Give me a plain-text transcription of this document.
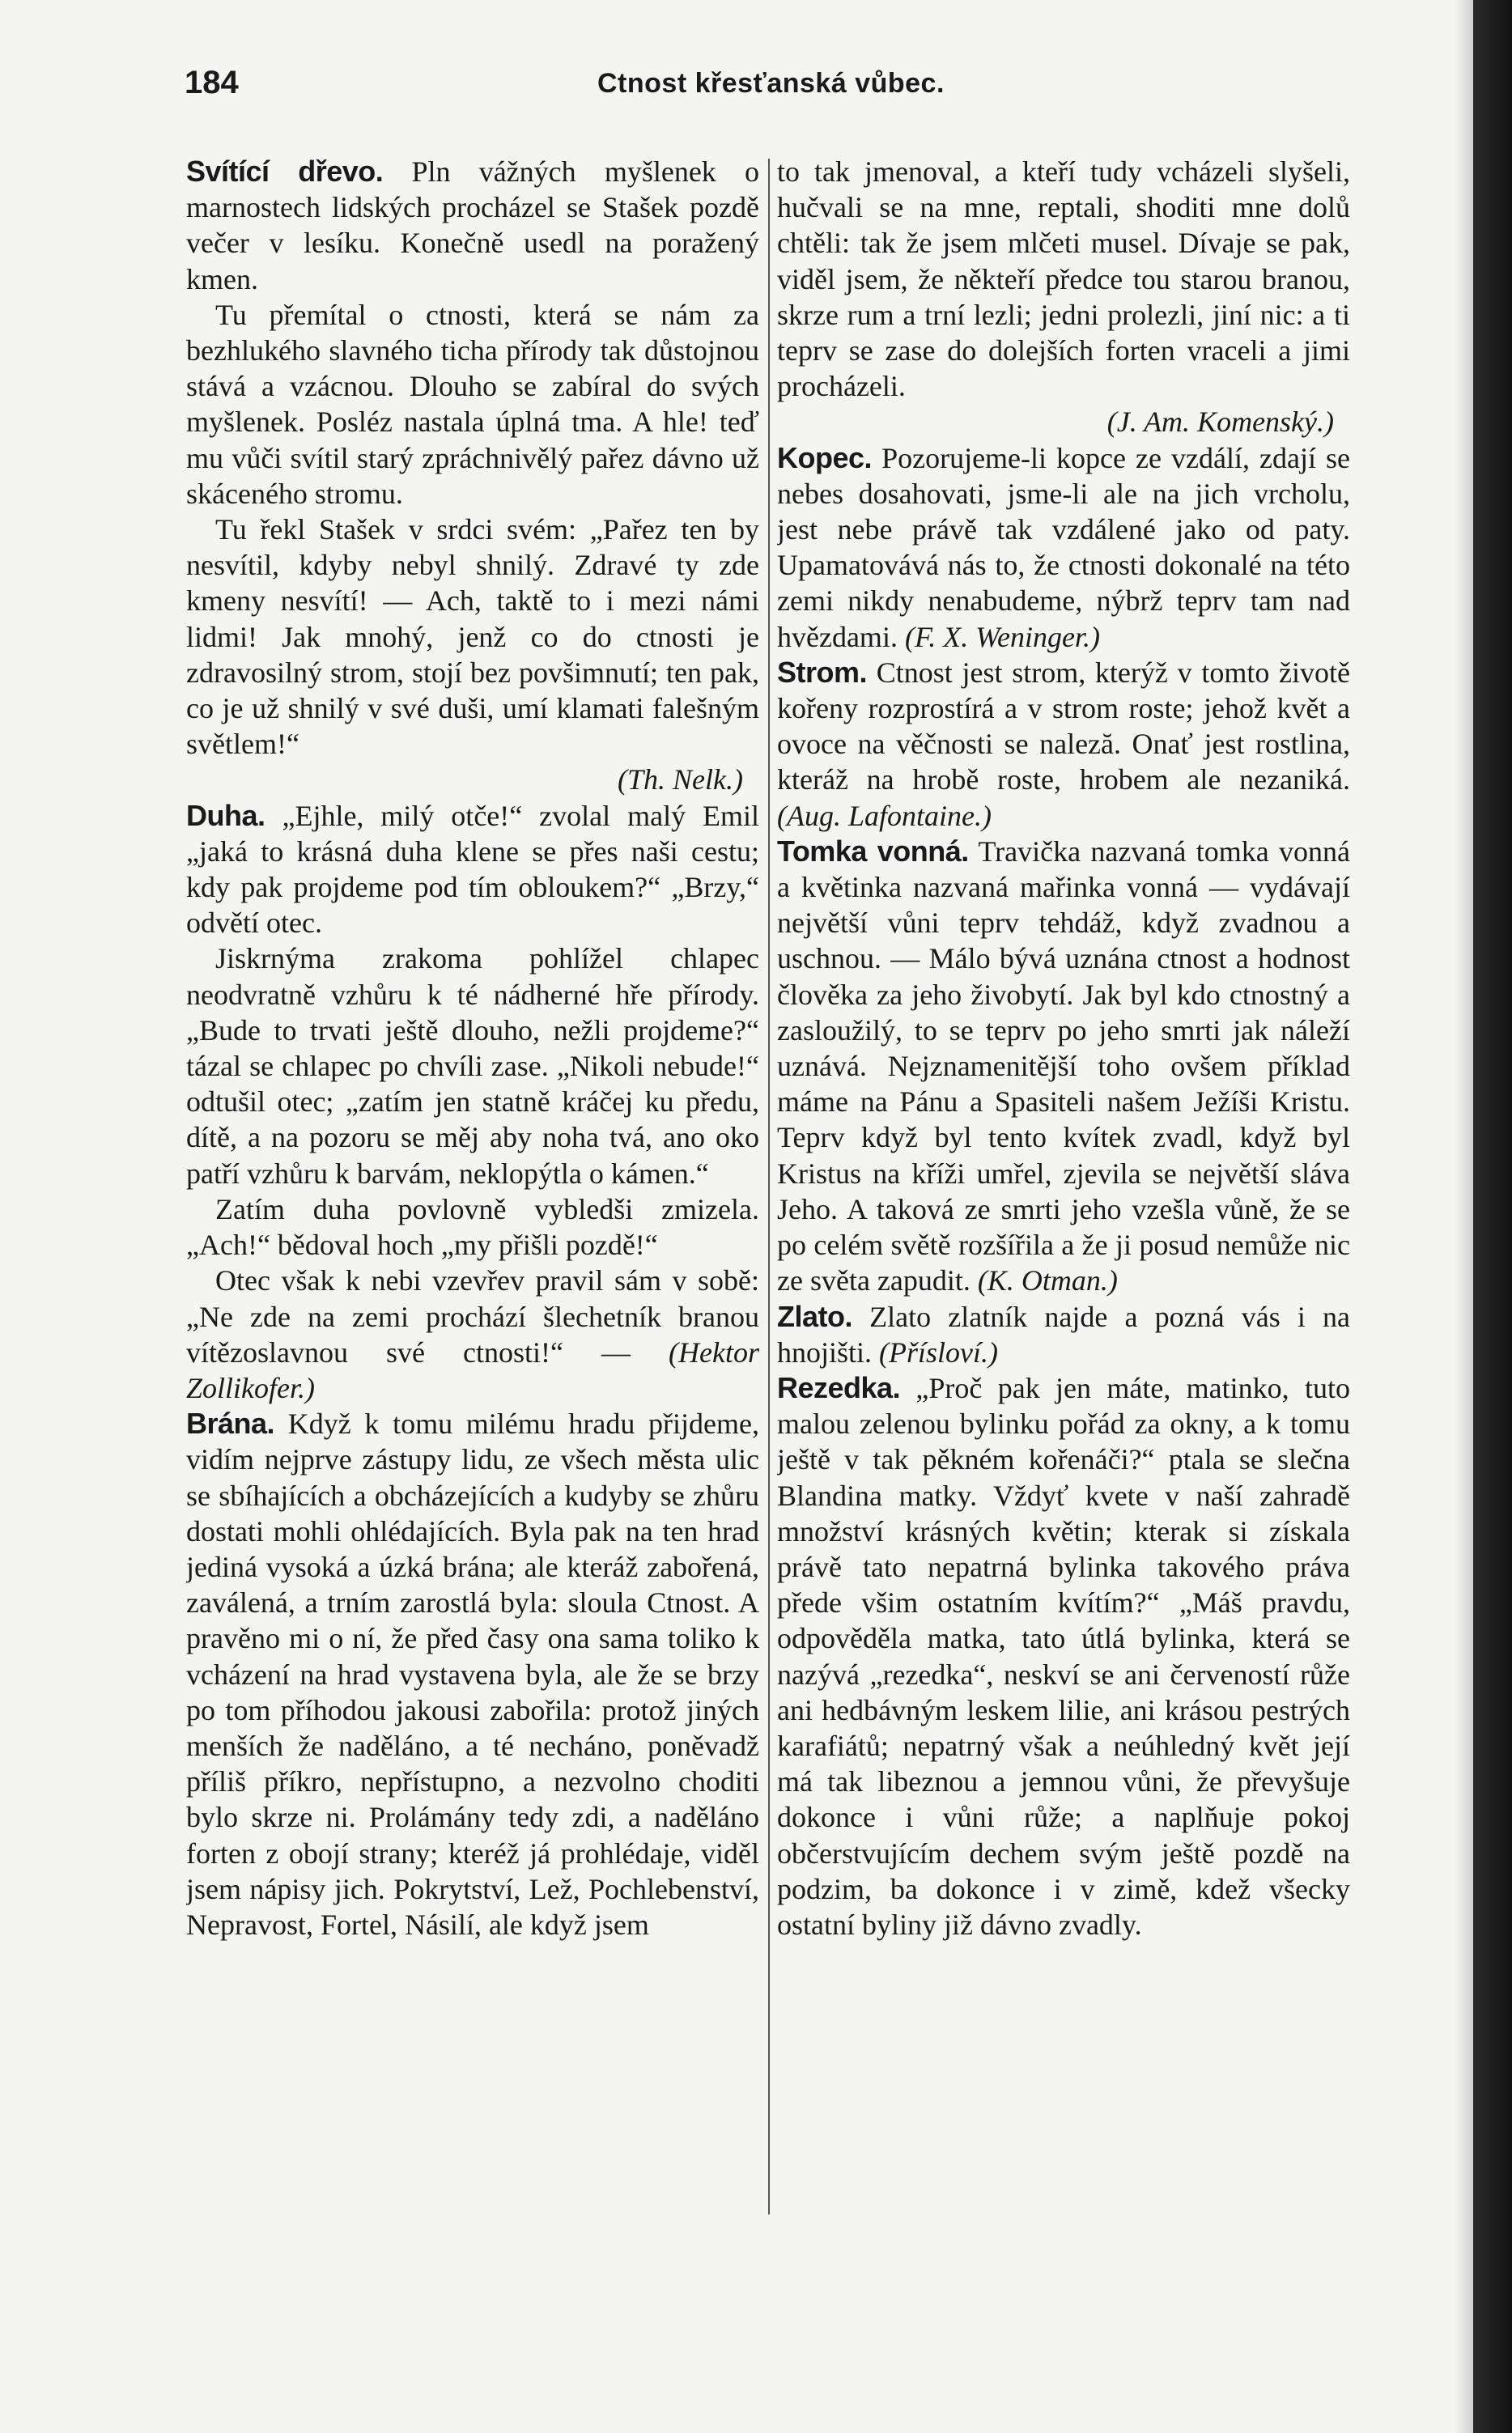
184	Ctnost křesťanská vůbec.

Svítící dřevo. Pln vážných myšlenek o marnostech lidských procházel se Stašek pozdě večer v lesíku. Konečně usedl na poražený kmen.

Tu přemítal o ctnosti, která se nám za bezhlukého slavného ticha přírody tak důstojnou stává a vzácnou. Dlouho se zabíral do svých myšlenek. Posléz nastala úplná tma. A hle! teď mu vůči svítil starý zpráchnivělý pařez dávno už skáceného stromu.

Tu řekl Stašek v srdci svém: „Pařez ten by nesvítil, kdyby nebyl shnilý. Zdravé ty zde kmeny nesvítí! — Ach, taktě to i mezi námi lidmi! Jak mnohý, jenž co do ctnosti je zdravosilný strom, stojí bez povšimnutí; ten pak, co je už shnilý v své duši, umí klamati falešným světlem!“

(Th. Nelk.)

Duha. „Ejhle, milý otče!“ zvolal malý Emil „jaká to krásná duha klene se přes naši cestu; kdy pak projdeme pod tím obloukem?“ „Brzy,“ odvětí otec.

Jiskrnýma zrakoma pohlížel chlapec neodvratně vzhůru k té nádherné hře přírody. „Bude to trvati ještě dlouho, nežli projdeme?“ tázal se chlapec po chvíli zase. „Nikoli nebude!“ odtušil otec; „zatím jen statně kráčej ku předu, dítě, a na pozoru se měj aby noha tvá, ano oko patří vzhůru k barvám, neklopýtla o kámen.“

Zatím duha povlovně vybledši zmizela. „Ach!“ bědoval hoch „my přišli pozdě!“

Otec však k nebi vzevřev pravil sám v sobě: „Ne zde na zemi prochází šlechetník branou vítězoslavnou své ctnosti!“ — (Hektor Zollikofer.)

Brána. Když k tomu milému hradu přijdeme, vidím nejprve zástupy lidu, ze všech města ulic se sbíhajících a obcházejících a kudyby se zhůru dostati mohli ohlédajících. Byla pak na ten hrad jediná vysoká a úzká brána; ale kteráž zabořená, zaválená, a trním zarostlá byla: sloula Ctnost. A pravěno mi o ní, že před časy ona sama toliko k vcházení na hrad vystavena byla, ale že se brzy po tom příhodou jakousi zabořila: protož jiných menších že naděláno, a té necháno, poněvadž příliš příkro, nepřístupno, a nezvolno choditi bylo skrze ni. Prolámány tedy zdi, a naděláno forten z obojí strany; kteréž já prohlédaje, viděl jsem nápisy jich. Pokrytství, Lež, Pochlebenství, Nepravost, Fortel, Násilí, ale když jsem

to tak jmenoval, a kteří tudy vcházeli slyšeli, hučvali se na mne, reptali, shoditi mne dolů chtěli: tak že jsem mlčeti musel. Dívaje se pak, viděl jsem, že někteří předce tou starou branou, skrze rum a trní lezli; jedni prolezli, jiní nic: a ti teprv se zase do dolejších forten vraceli a jimi procházeli.

(J. Am. Komenský.)

Kopec. Pozorujeme-li kopce ze vzdálí, zdají se nebes dosahovati, jsme-li ale na jich vrcholu, jest nebe právě tak vzdálené jako od paty. Upamatovává nás to, že ctnosti dokonalé na této zemi nikdy nenabudeme, nýbrž teprv tam nad hvězdami. (F. X. Weninger.)

Strom. Ctnost jest strom, kterýž v tomto životě kořeny rozprostírá a v strom roste; jehož květ a ovoce na věčnosti se naleză. Onať jest rostlina, kteráž na hrobě roste, hrobem ale nezaniká. (Aug. Lafontaine.)

Tomka vonná. Travička nazvaná tomka vonná a květinka nazvaná mařinka vonná — vydávají největší vůni teprv tehdáž, když zvadnou a uschnou. — Málo bývá uznána ctnost a hodnost člověka za jeho živobytí. Jak byl kdo ctnostný a zasloužilý, to se teprv po jeho smrti jak náleží uznává. Nejznamenitější toho ovšem příklad máme na Pánu a Spasiteli našem Ježíši Kristu. Teprv když byl tento kvítek zvadl, když byl Kristus na kříži umřel, zjevila se největší sláva Jeho. A taková ze smrti jeho vzešla vůně, že se po celém světě rozšířila a že ji posud nemůže nic ze světa zapudit. (K. Otman.)

Zlato. Zlato zlatník najde a pozná vás i na hnojišti. (Přísloví.)

Rezedka. „Proč pak jen máte, matinko, tuto malou zelenou bylinku pořád za okny, a k tomu ještě v tak pěkném kořenáči?“ ptala se slečna Blandina matky. Vždyť kvete v naší zahradě množství krásných květin; kterak si získala právě tato nepatrná bylinka takového práva přede všim ostatním kvítím?“ „Máš pravdu, odpověděla matka, tato útlá bylinka, která se nazývá „rezedka“, neskví se ani červeností růže ani hedbávným leskem lilie, ani krásou pestrých karafiátů; nepatrný však a neúhledný květ její má tak libeznou a jemnou vůni, že převyšuje dokonce i vůni růže; a naplňuje pokoj občerstvujícím dechem svým ještě pozdě na podzim, ba dokonce i v zimě, kdež všecky ostatní byliny již dávno zvadly.
